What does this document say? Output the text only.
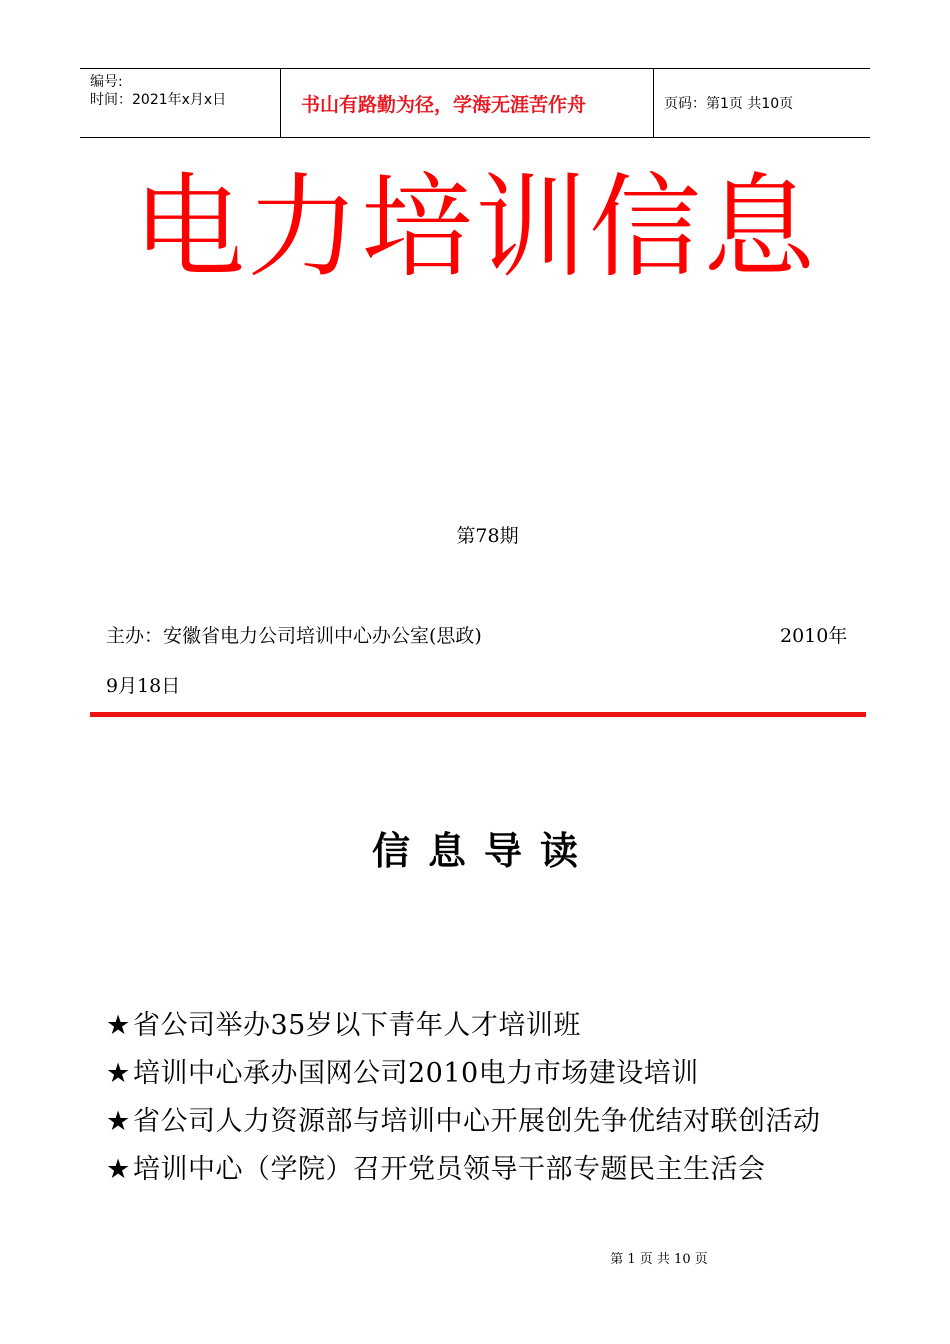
编号:
时间：2021年x月x日	书山有路勤为径，学海无涯苦作舟	页码：第1页 共10页
电力培训信息
第78期
主办：安徽省电力公司培训中心办公室(思政)	2010年
9月18日
信息导读
★省公司举办35岁以下青年人才培训班
★培训中心承办国网公司2010电力市场建设培训
★省公司人力资源部与培训中心开展创先争优结对联创活动
★培训中心（学院）召开党员领导干部专题民主生活会
第 1 页 共 10 页
